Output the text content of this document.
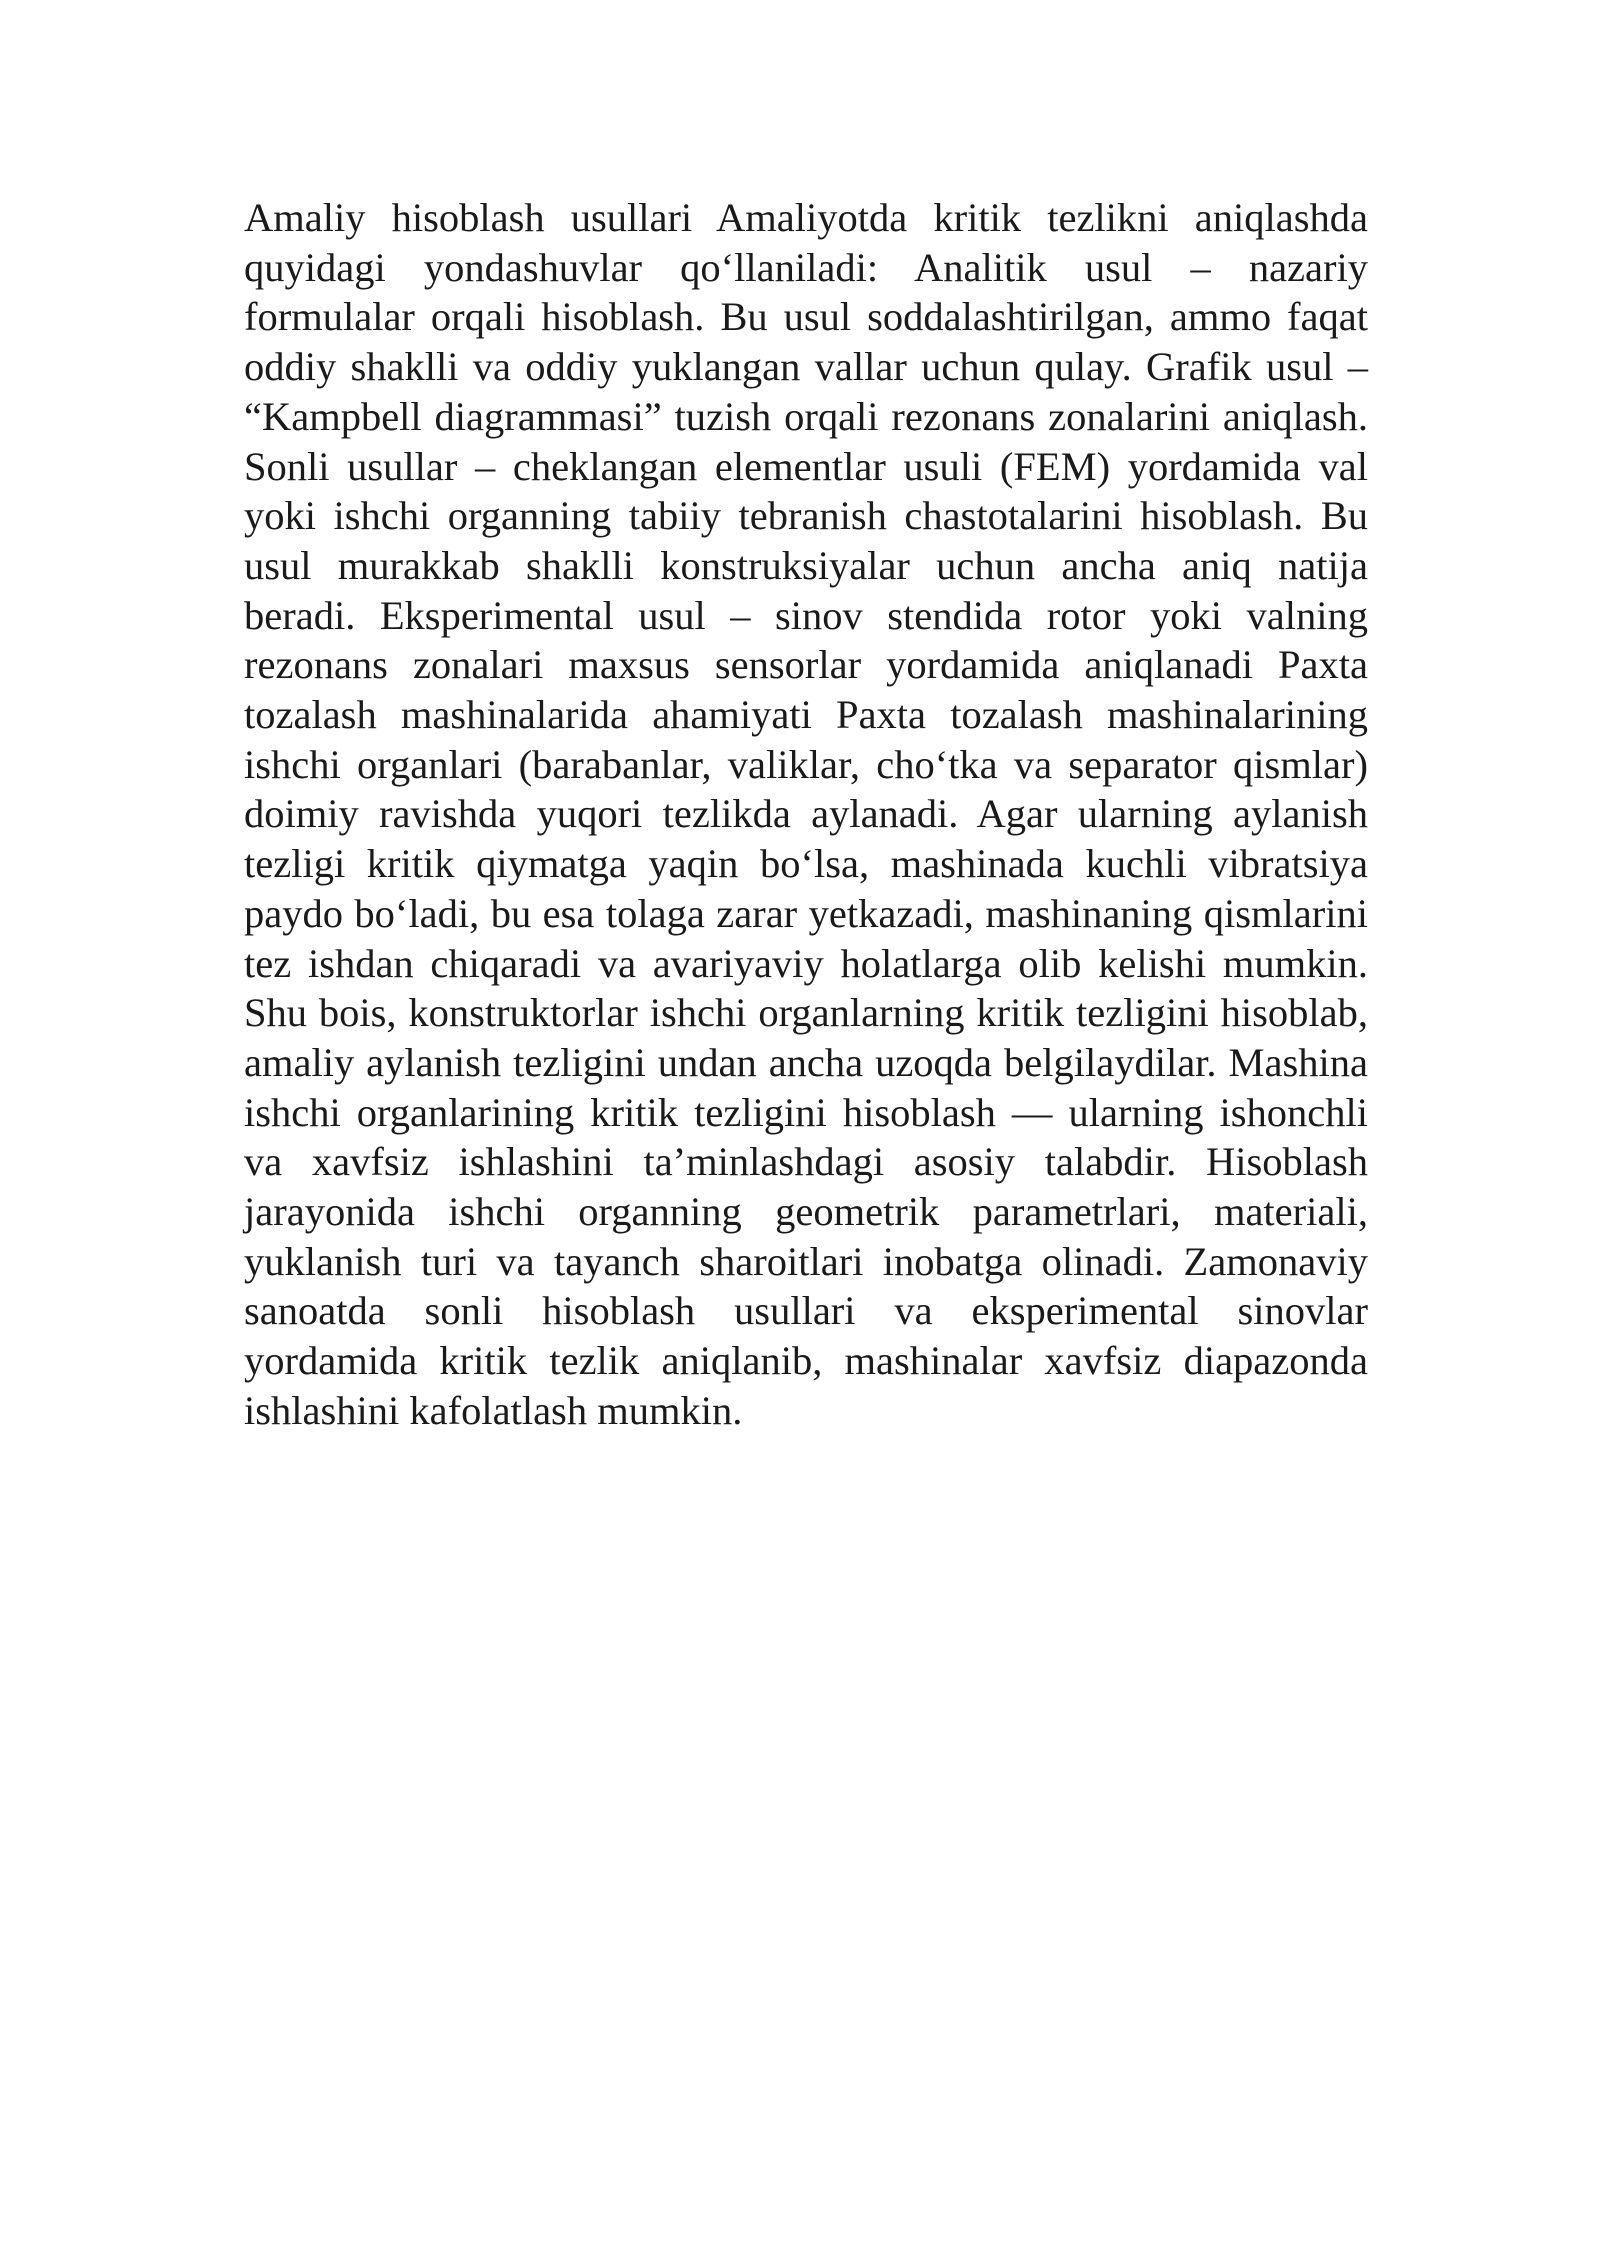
Amaliy hisoblash usullari Amaliyotda kritik tezlikni aniqlashda quyidagi yondashuvlar qo‘llaniladi: Analitik usul – nazariy formulalar orqali hisoblash. Bu usul soddalashtirilgan, ammo faqat oddiy shaklli va oddiy yuklangan vallar uchun qulay. Grafik usul – “Kampbell diagrammasi” tuzish orqali rezonans zonalarini aniqlash. Sonli usullar – cheklangan elementlar usuli (FEM) yordamida val yoki ishchi organning tabiiy tebranish chastotalarini hisoblash. Bu usul murakkab shaklli konstruksiyalar uchun ancha aniq natija beradi. Eksperimental usul – sinov stendida rotor yoki valning rezonans zonalari maxsus sensorlar yordamida aniqlanadi Paxta tozalash mashinalarida ahamiyati Paxta tozalash mashinalarining ishchi organlari (barabanlar, valiklar, cho‘tka va separator qismlar) doimiy ravishda yuqori tezlikda aylanadi. Agar ularning aylanish tezligi kritik qiymatga yaqin bo‘lsa, mashinada kuchli vibratsiya paydo bo‘ladi, bu esa tolaga zarar yetkazadi, mashinaning qismlarini tez ishdan chiqaradi va avariyaviy holatlarga olib kelishi mumkin. Shu bois, konstruktorlar ishchi organlarning kritik tezligini hisoblab, amaliy aylanish tezligini undan ancha uzoqda belgilaydilar. Mashina ishchi organlarining kritik tezligini hisoblash — ularning ishonchli va xavfsiz ishlashini ta’minlashdagi asosiy talabdir. Hisoblash jarayonida ishchi organning geometrik parametrlari, materiali, yuklanish turi va tayanch sharoitlari inobatga olinadi. Zamonaviy sanoatda sonli hisoblash usullari va eksperimental sinovlar yordamida kritik tezlik aniqlanib, mashinalar xavfsiz diapazonda ishlashini kafolatlash mumkin.
